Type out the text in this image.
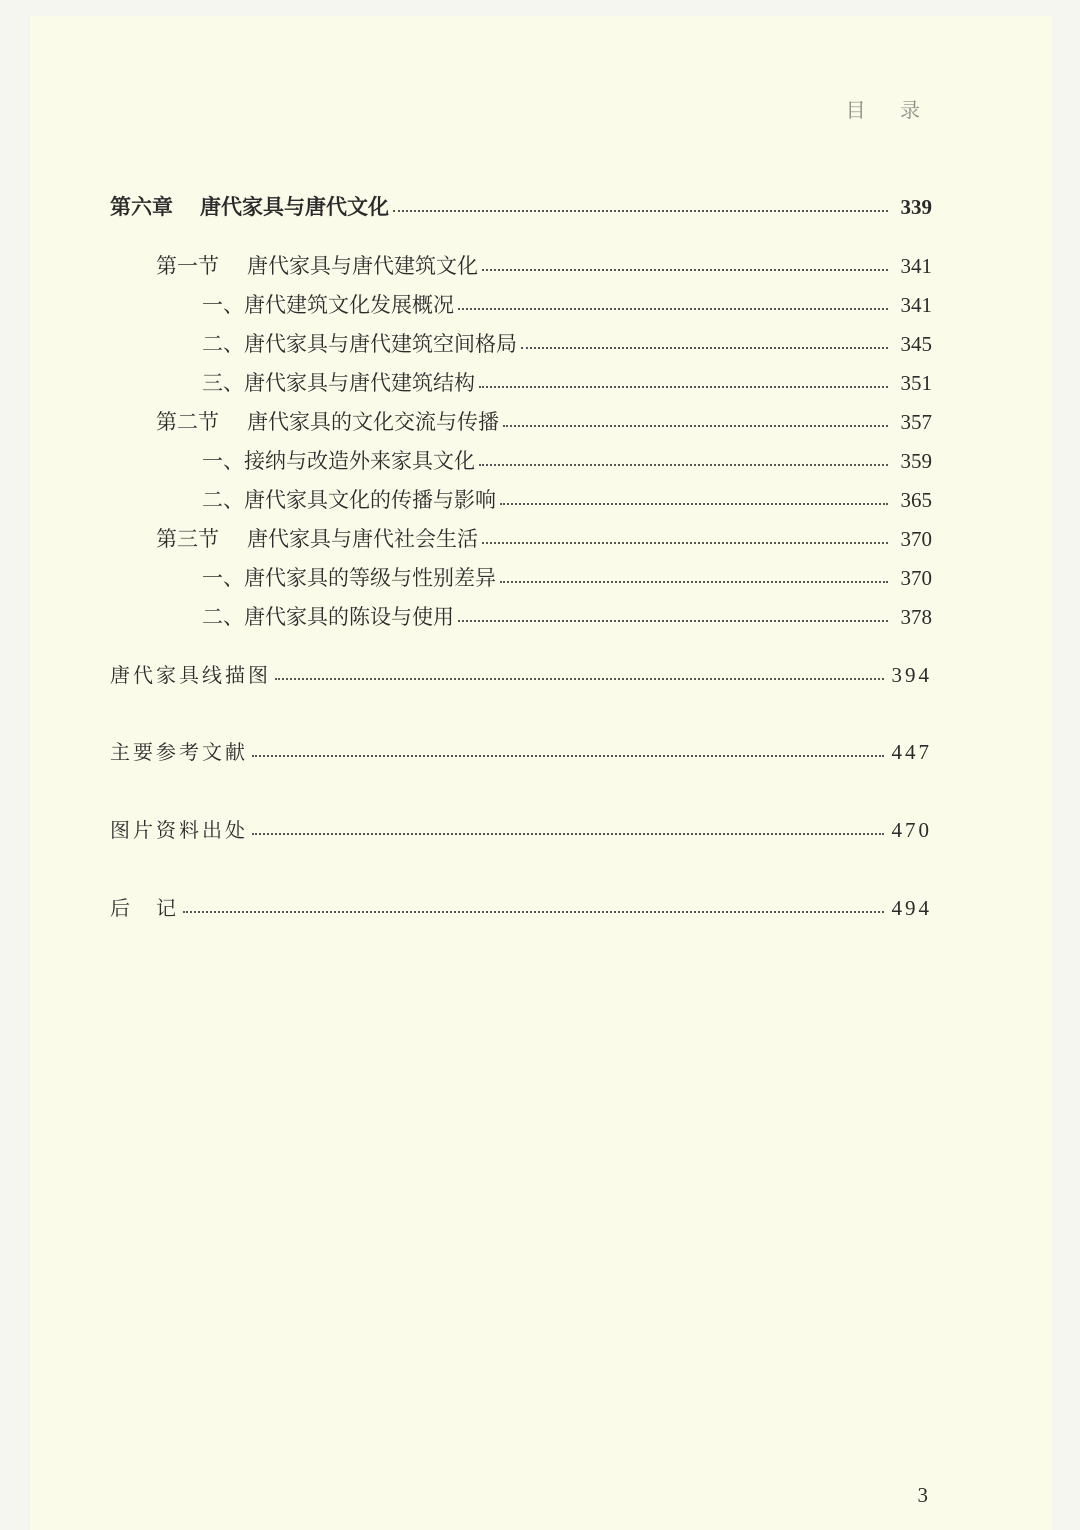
目 录
第六章	唐代家具与唐代文化	339
第一节	唐代家具与唐代建筑文化	341
一、 唐代建筑文化发展概况	341
二、 唐代家具与唐代建筑空间格局	345
三、 唐代家具与唐代建筑结构	351
第二节	唐代家具的文化交流与传播	357
一、 接纳与改造外来家具文化	359
二、 唐代家具文化的传播与影响	365
第三节	唐代家具与唐代社会生活	370
一、 唐代家具的等级与性别差异	370
二、 唐代家具的陈设与使用	378
唐代家具线描图	394
主要参考文献	447
图片资料出处	470
后　记	494
3
